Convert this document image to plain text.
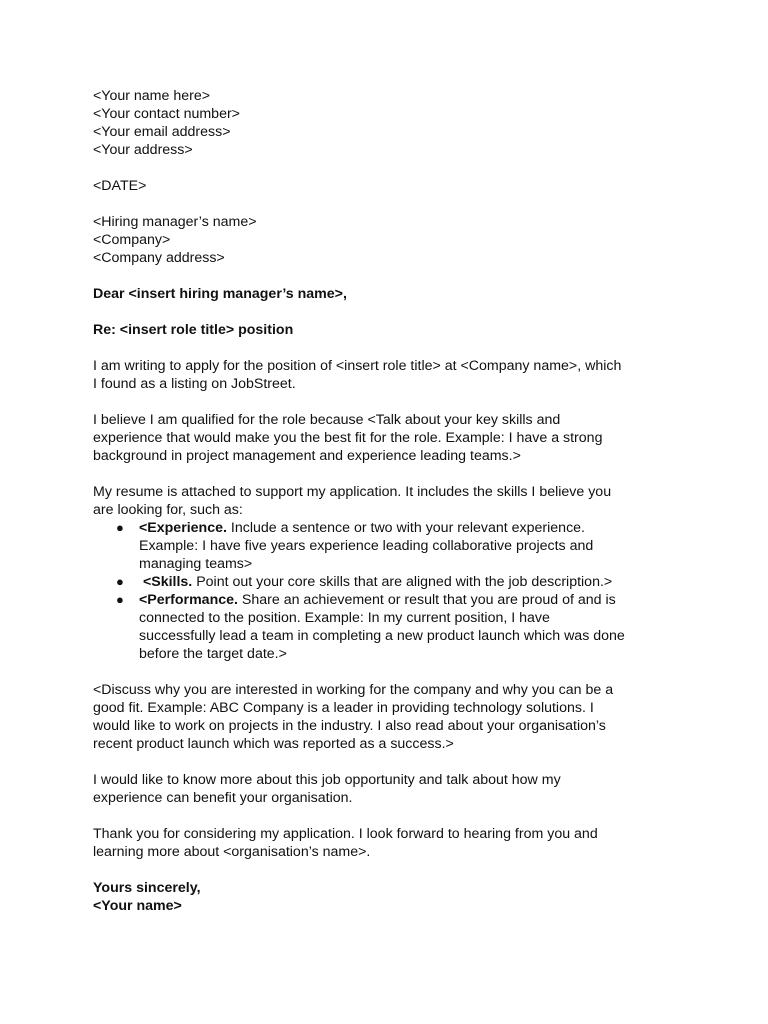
<Your name here>
<Your contact number>
<Your email address>
<Your address>
<DATE>
<Hiring manager’s name>
<Company>
<Company address>
Dear <insert hiring manager’s name>,
Re: <insert role title> position
I am writing to apply for the position of <insert role title> at <Company name>, which
I found as a listing on JobStreet.
I believe I am qualified for the role because <Talk about your key skills and
experience that would make you the best fit for the role. Example: I have a strong
background in project management and experience leading teams.>
My resume is attached to support my application. It includes the skills I believe you
are looking for, such as:
● <Experience. Include a sentence or two with your relevant experience.
Example: I have five years experience leading collaborative projects and
managing teams>
● <Skills. Point out your core skills that are aligned with the job description.>
● <Performance. Share an achievement or result that you are proud of and is
connected to the position. Example: In my current position, I have
successfully lead a team in completing a new product launch which was done
before the target date.>
<Discuss why you are interested in working for the company and why you can be a
good fit. Example: ABC Company is a leader in providing technology solutions. I
would like to work on projects in the industry. I also read about your organisation’s
recent product launch which was reported as a success.>
I would like to know more about this job opportunity and talk about how my
experience can benefit your organisation.
Thank you for considering my application. I look forward to hearing from you and
learning more about <organisation’s name>.
Yours sincerely,
<Your name>
